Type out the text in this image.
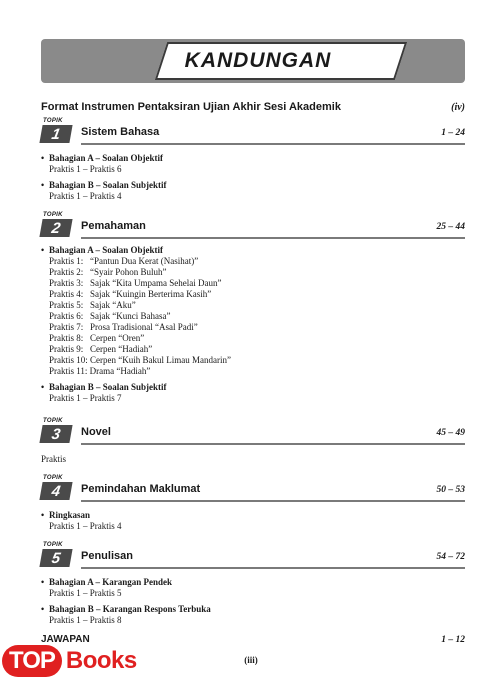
KANDUNGAN
Format Instrumen Pentaksiran Ujian Akhir Sesi Akademik	(iv)
TOPIK
1	Sistem Bahasa	1 – 24
• Bahagian A – Soalan Objektif
Praktis 1 – Praktis 6
• Bahagian B – Soalan Subjektif
Praktis 1 – Praktis 4
TOPIK
2	Pemahaman	25 – 44
• Bahagian A – Soalan Objektif
Praktis 1:   “Pantun Dua Kerat (Nasihat)”
Praktis 2:   “Syair Pohon Buluh”
Praktis 3:   Sajak “Kita Umpama Sehelai Daun”
Praktis 4:   Sajak “Kuingin Berterima Kasih”
Praktis 5:   Sajak “Aku”
Praktis 6:   Sajak “Kunci Bahasa”
Praktis 7:   Prosa Tradisional “Asal Padi”
Praktis 8:   Cerpen “Oren”
Praktis 9:   Cerpen “Hadiah”
Praktis 10: Cerpen “Kuih Bakul Limau Mandarin”
Praktis 11: Drama “Hadiah”
• Bahagian B – Soalan Subjektif
Praktis 1 – Praktis 7
TOPIK
3	Novel	45 – 49
Praktis
TOPIK
4	Pemindahan Maklumat	50 – 53
• Ringkasan
Praktis 1 – Praktis 4
TOPIK
5	Penulisan	54 – 72
• Bahagian A – Karangan Pendek
Praktis 1 – Praktis 5
• Bahagian B – Karangan Respons Terbuka
Praktis 1 – Praktis 8
JAWAPAN	1 – 12
TOP Books	(iii)
